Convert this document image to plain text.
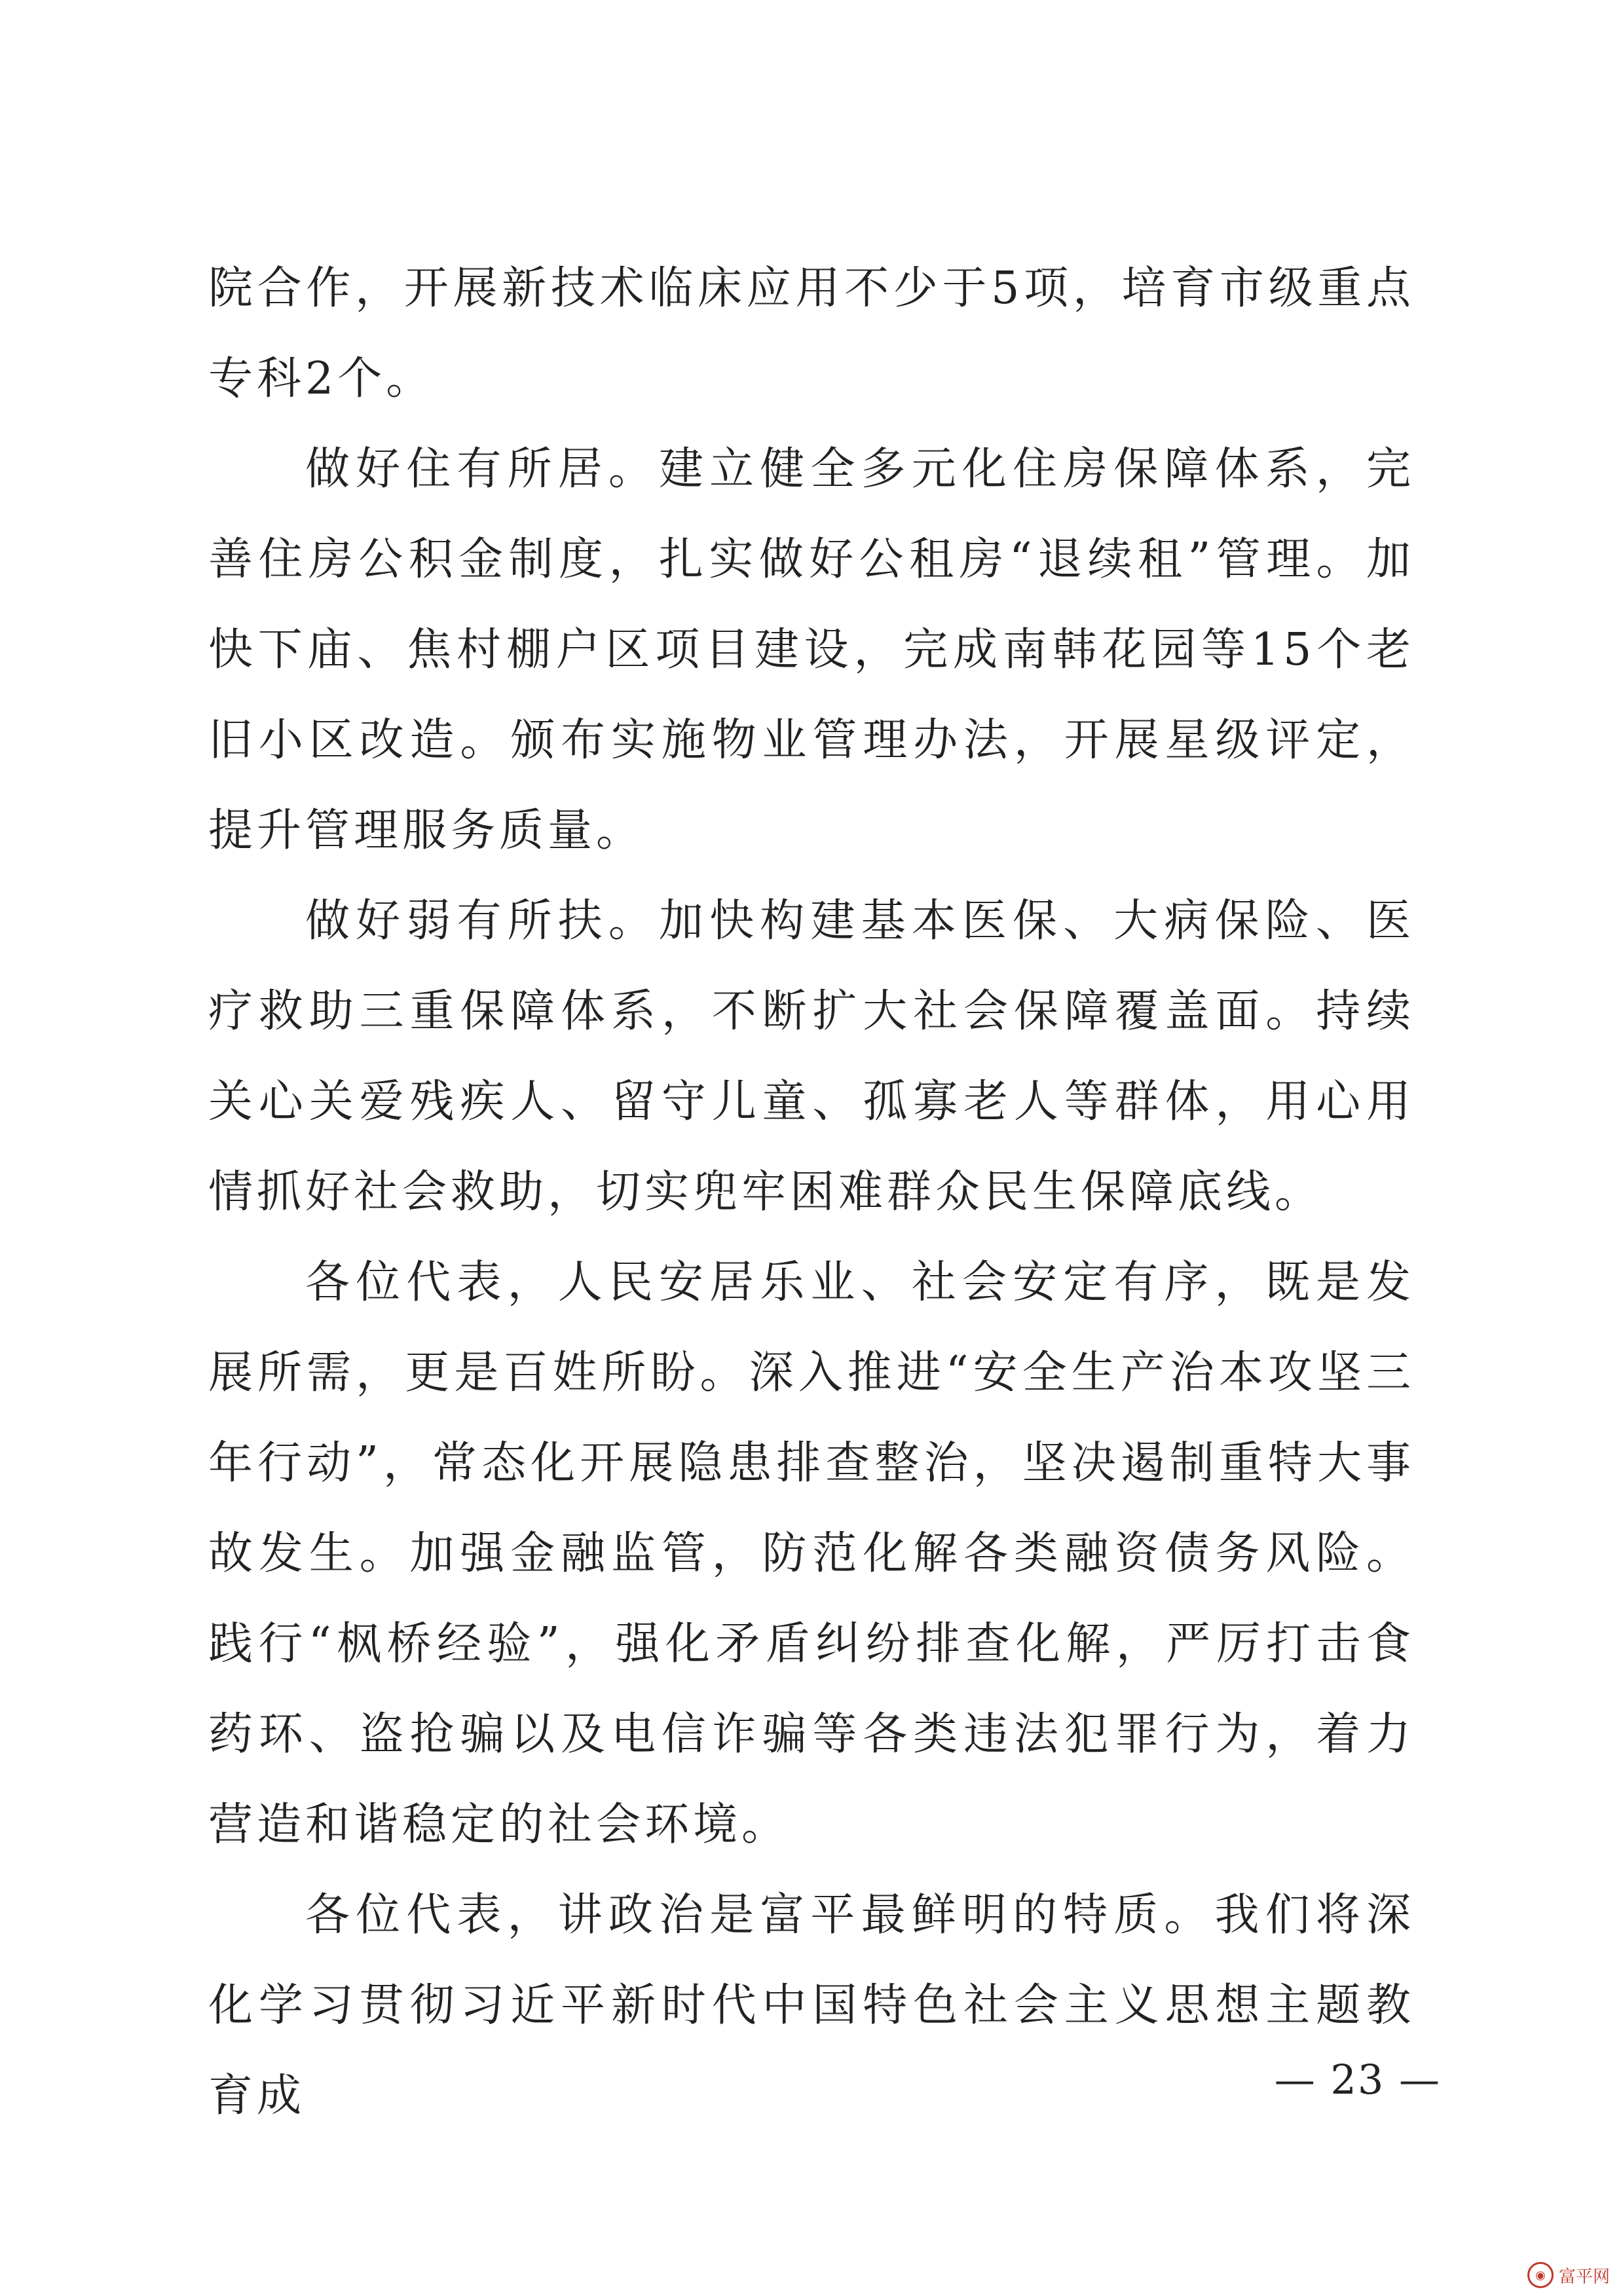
院合作，开展新技术临床应用不少于5项，培育市级重点专科2个。

做好住有所居。建立健全多元化住房保障体系，完善住房公积金制度，扎实做好公租房“退续租”管理。加快下庙、焦村棚户区项目建设，完成南韩花园等15个老旧小区改造。颁布实施物业管理办法，开展星级评定，提升管理服务质量。

做好弱有所扶。加快构建基本医保、大病保险、医疗救助三重保障体系，不断扩大社会保障覆盖面。持续关心关爱残疾人、留守儿童、孤寡老人等群体，用心用情抓好社会救助，切实兜牢困难群众民生保障底线。

各位代表，人民安居乐业、社会安定有序，既是发展所需，更是百姓所盼。深入推进“安全生产治本攻坚三年行动”，常态化开展隐患排查整治，坚决遏制重特大事故发生。加强金融监管，防范化解各类融资债务风险。践行“枫桥经验”，强化矛盾纠纷排查化解，严厉打击食药环、盗抢骗以及电信诈骗等各类违法犯罪行为，着力营造和谐稳定的社会环境。

各位代表，讲政治是富平最鲜明的特质。我们将深化学习贯彻习近平新时代中国特色社会主义思想主题教育成	— 23 —
◉ 富平网
